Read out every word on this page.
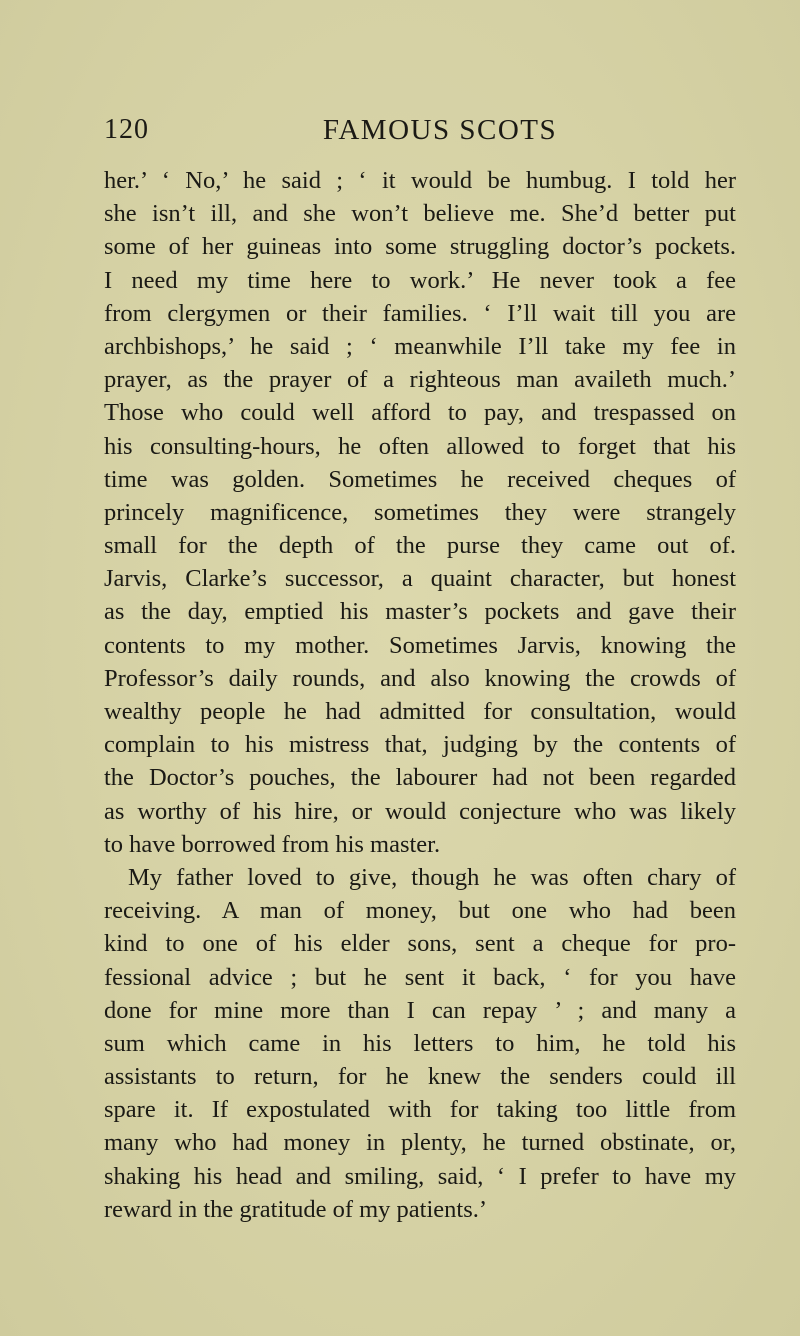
120	FAMOUS SCOTS
her.’ ‘ No,’ he said ; ‘ it would be humbug. I told her
she isn’t ill, and she won’t believe me. She’d better put
some of her guineas into some struggling doctor’s pockets.
I need my time here to work.’ He never took a fee
from clergymen or their families. ‘ I’ll wait till you are
archbishops,’ he said ; ‘ meanwhile I’ll take my fee in
prayer, as the prayer of a righteous man availeth much.’
Those who could well afford to pay, and trespassed on
his consulting-hours, he often allowed to forget that his
time was golden. Sometimes he received cheques of
princely magnificence, sometimes they were strangely
small for the depth of the purse they came out of.
Jarvis, Clarke’s successor, a quaint character, but honest
as the day, emptied his master’s pockets and gave their
contents to my mother. Sometimes Jarvis, knowing the
Professor’s daily rounds, and also knowing the crowds of
wealthy people he had admitted for consultation, would
complain to his mistress that, judging by the contents of
the Doctor’s pouches, the labourer had not been regarded
as worthy of his hire, or would conjecture who was likely
to have borrowed from his master.
My father loved to give, though he was often chary of
receiving. A man of money, but one who had been
kind to one of his elder sons, sent a cheque for pro-
fessional advice ; but he sent it back, ‘ for you have
done for mine more than I can repay ’ ; and many a
sum which came in his letters to him, he told his
assistants to return, for he knew the senders could ill
spare it. If expostulated with for taking too little from
many who had money in plenty, he turned obstinate, or,
shaking his head and smiling, said, ‘ I prefer to have my
reward in the gratitude of my patients.’
